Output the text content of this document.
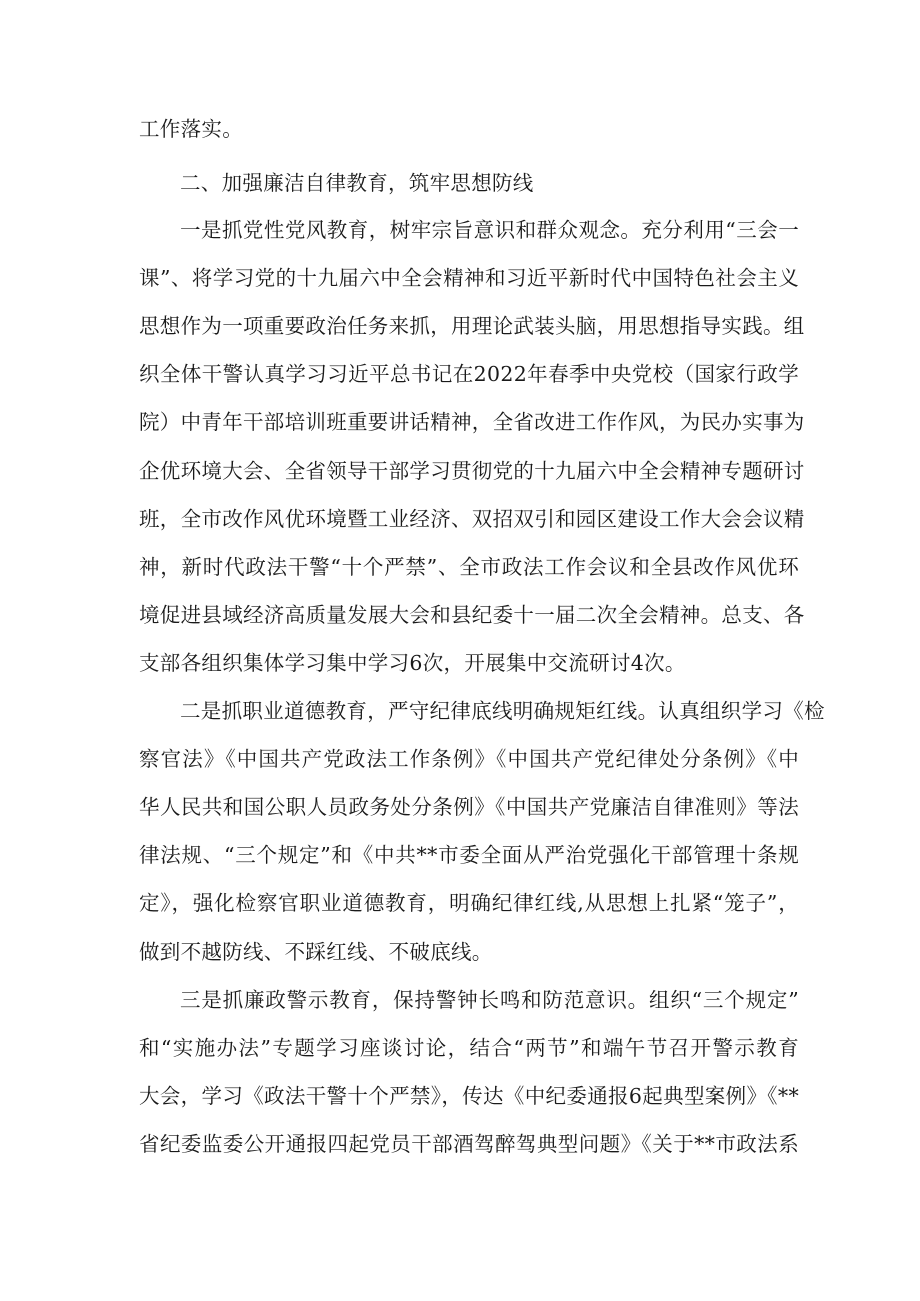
工作落实。
二、加强廉洁自律教育，筑牢思想防线
一是抓党性党风教育，树牢宗旨意识和群众观念。充分利用“三会一
课”、将学习党的十九届六中全会精神和习近平新时代中国特色社会主义
思想作为一项重要政治任务来抓，用理论武装头脑，用思想指导实践。组
织全体干警认真学习习近平总书记在2022年春季中央党校（国家行政学
院）中青年干部培训班重要讲话精神，全省改进工作作风，为民办实事为
企优环境大会、全省领导干部学习贯彻党的十九届六中全会精神专题研讨
班，全市改作风优环境暨工业经济、双招双引和园区建设工作大会会议精
神，新时代政法干警“十个严禁”、全市政法工作会议和全县改作风优环
境促进县域经济高质量发展大会和县纪委十一届二次全会精神。总支、各
支部各组织集体学习集中学习6次，开展集中交流研讨4次。
二是抓职业道德教育，严守纪律底线明确规矩红线。认真组织学习《检
察官法》《中国共产党政法工作条例》《中国共产党纪律处分条例》《中
华人民共和国公职人员政务处分条例》《中国共产党廉洁自律准则》等法
律法规、“三个规定”和《中共**市委全面从严治党强化干部管理十条规
定》，强化检察官职业道德教育，明确纪律红线,从思想上扎紧“笼子”，
做到不越防线、不踩红线、不破底线。
三是抓廉政警示教育，保持警钟长鸣和防范意识。组织“三个规定”
和“实施办法”专题学习座谈讨论，结合“两节”和端午节召开警示教育
大会，学习《政法干警十个严禁》，传达《中纪委通报6起典型案例》《**
省纪委监委公开通报四起党员干部酒驾醉驾典型问题》《关于**市政法系
